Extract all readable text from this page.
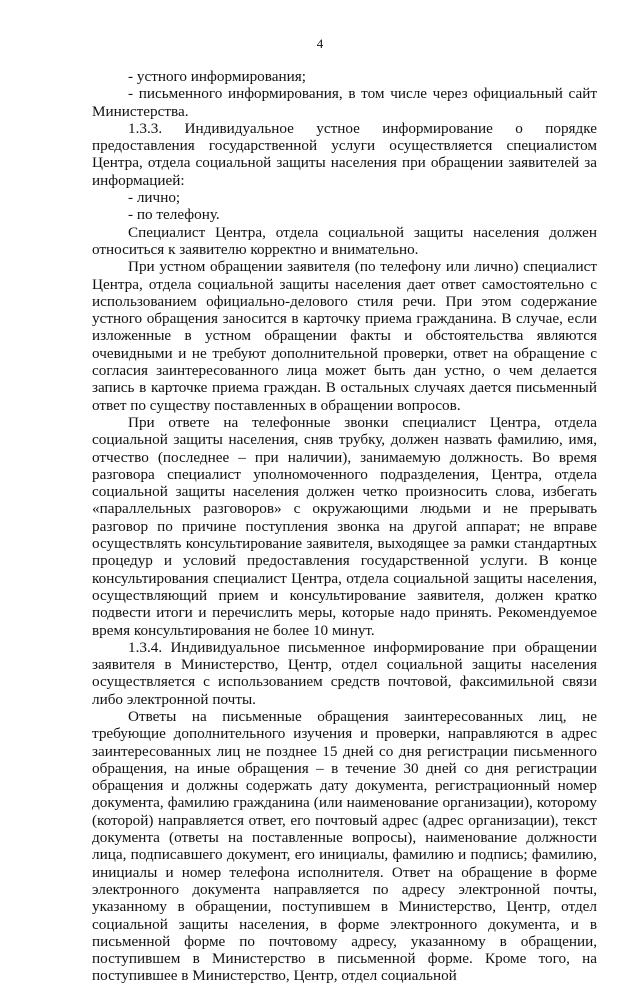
4

- устного информирования;

- письменного информирования, в том числе через официальный сайт Министерства.

1.3.3. Индивидуальное устное информирование о порядке предоставления государственной услуги осуществляется специалистом Центра, отдела социальной защиты населения при обращении заявителей за информацией:

- лично;

- по телефону.

Специалист Центра, отдела социальной защиты населения должен относиться к заявителю корректно и внимательно.

При устном обращении заявителя (по телефону или лично) специалист Центра, отдела социальной защиты населения дает ответ самостоятельно с использованием официально-делового стиля речи. При этом содержание устного обращения заносится в карточку приема гражданина. В случае, если изложенные в устном обращении факты и обстоятельства являются очевидными и не требуют дополнительной проверки, ответ на обращение с согласия заинтересованного лица может быть дан устно, о чем делается запись в карточке приема граждан. В остальных случаях дается письменный ответ по существу поставленных в обращении вопросов.

При ответе на телефонные звонки специалист Центра, отдела социальной защиты населения, сняв трубку, должен назвать фамилию, имя, отчество (последнее – при наличии), занимаемую должность. Во время разговора специалист уполномоченного подразделения, Центра, отдела социальной защиты населения должен четко произносить слова, избегать «параллельных разговоров» с окружающими людьми и не прерывать разговор по причине поступления звонка на другой аппарат; не вправе осуществлять консультирование заявителя, выходящее за рамки стандартных процедур и условий предоставления государственной услуги. В конце консультирования специалист Центра, отдела социальной защиты населения, осуществляющий прием и консультирование заявителя, должен кратко подвести итоги и перечислить меры, которые надо принять. Рекомендуемое время консультирования не более 10 минут.

1.3.4. Индивидуальное письменное информирование при обращении заявителя в Министерство, Центр, отдел социальной защиты населения осуществляется с использованием средств почтовой, факсимильной связи либо электронной почты.

Ответы на письменные обращения заинтересованных лиц, не требующие дополнительного изучения и проверки, направляются в адрес заинтересованных лиц не позднее 15 дней со дня регистрации письменного обращения, на иные обращения – в течение 30 дней со дня регистрации обращения и должны содержать дату документа, регистрационный номер документа, фамилию гражданина (или наименование организации), которому (которой) направляется ответ, его почтовый адрес (адрес организации), текст документа (ответы на поставленные вопросы), наименование должности лица, подписавшего документ, его инициалы, фамилию и подпись; фамилию, инициалы и номер телефона исполнителя. Ответ на обращение в форме электронного документа направляется по адресу электронной почты, указанному в обращении, поступившем в Министерство, Центр, отдел социальной защиты населения, в форме электронного документа, и в письменной форме по почтовому адресу, указанному в обращении, поступившем в Министерство в письменной форме. Кроме того, на поступившее в Министерство, Центр, отдел социальной
